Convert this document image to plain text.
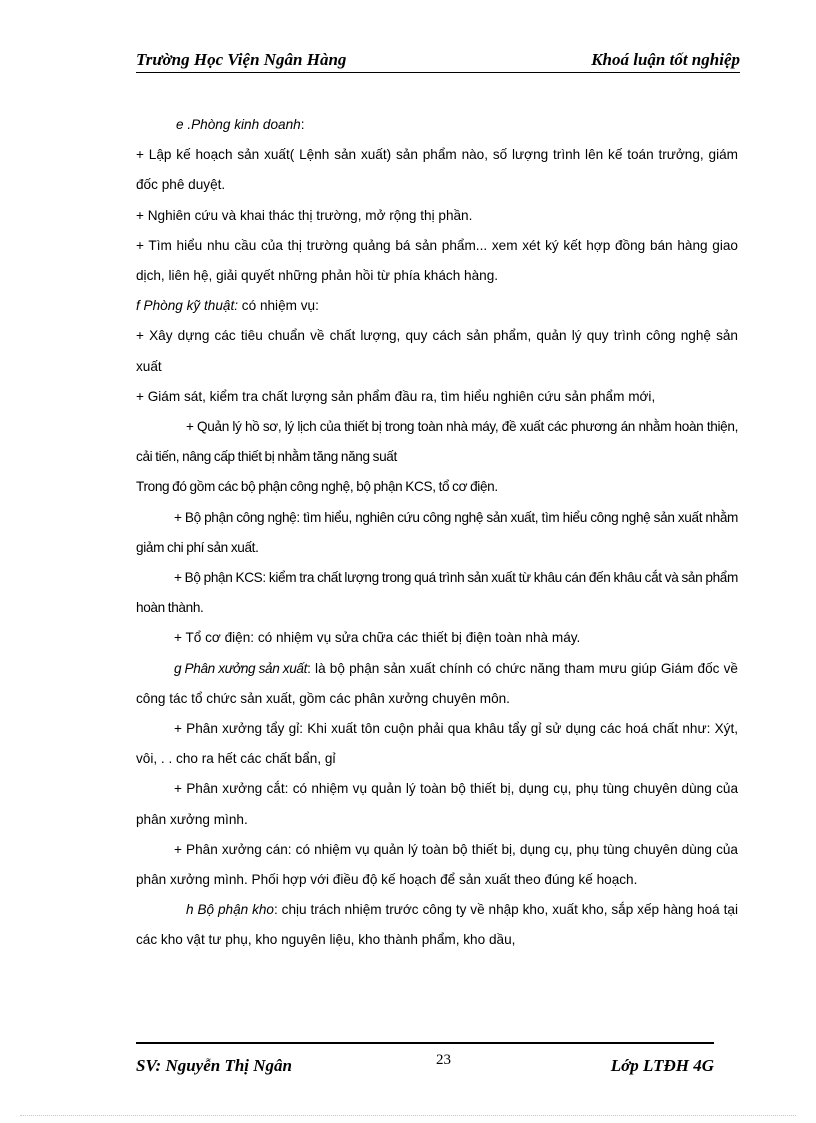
Trường Học Viện Ngân Hàng	Khoá luận tốt nghiệp

e .Phòng kinh doanh:

+ Lập kế hoạch sản xuất( Lệnh sản xuất) sản phẩm nào, số lượng trình lên kế toán trưởng, giám đốc phê duyệt.

+ Nghiên cứu và khai thác thị trường, mở rộng thị phần.

+ Tìm hiểu nhu cầu của thị trường quảng bá sản phẩm... xem xét ký kết hợp đồng bán hàng giao dịch, liên hệ, giải quyết những phản hồi từ phía khách hàng.

f Phòng kỹ thuật: có nhiệm vụ:

+ Xây dựng các tiêu chuẩn về chất lượng, quy cách sản phẩm, quản lý quy trình công nghệ sản xuất

+ Giám sát, kiểm tra chất lượng sản phẩm đầu ra, tìm hiểu nghiên cứu sản phẩm mới,

+ Quản lý hồ sơ, lý lịch của thiết bị trong toàn nhà máy, đề xuất các phương án nhằm hoàn thiện, cải tiến, nâng cấp thiết bị nhằm tăng năng suất

Trong đó gồm các bộ phận công nghệ, bộ phận KCS, tổ cơ điện.

+ Bộ phận công nghệ: tìm hiểu, nghiên cứu công nghệ sản xuất, tìm hiểu công nghệ sản xuất nhằm giảm chi phí sản xuất.

+ Bộ phận KCS: kiểm tra chất lượng trong quá trình sản xuất từ khâu cán đến khâu cắt và sản phẩm hoàn thành.

+ Tổ cơ điện: có nhiệm vụ sửa chữa các thiết bị điện toàn nhà máy.

g Phân xưởng sản xuất: là bộ phận sản xuất chính có chức năng tham mưu giúp Giám đốc về công tác tổ chức sản xuất, gồm các phân xưởng chuyên môn.

+ Phân xưởng tẩy gỉ: Khi xuất tôn cuộn phải qua khâu tẩy gỉ sử dụng các hoá chất như: Xýt, vôi, . . cho ra hết các chất bẩn, gỉ

+ Phân xưởng cắt: có nhiệm vụ quản lý toàn bộ thiết bị, dụng cụ, phụ tùng chuyên dùng của phân xưởng mình.

+ Phân xưởng cán: có nhiệm vụ quản lý toàn bộ thiết bị, dụng cụ, phụ tùng chuyên dùng của phân xưởng mình. Phối hợp với điều độ kế hoạch để sản xuất theo đúng kế hoạch.

h Bộ phận kho: chịu trách nhiệm trước công ty về nhập kho, xuất kho, sắp xếp hàng hoá tại các kho vật tư phụ, kho nguyên liệu, kho thành phẩm, kho dầu,

SV: Nguyễn Thị Ngân	23	Lớp LTĐH 4G
